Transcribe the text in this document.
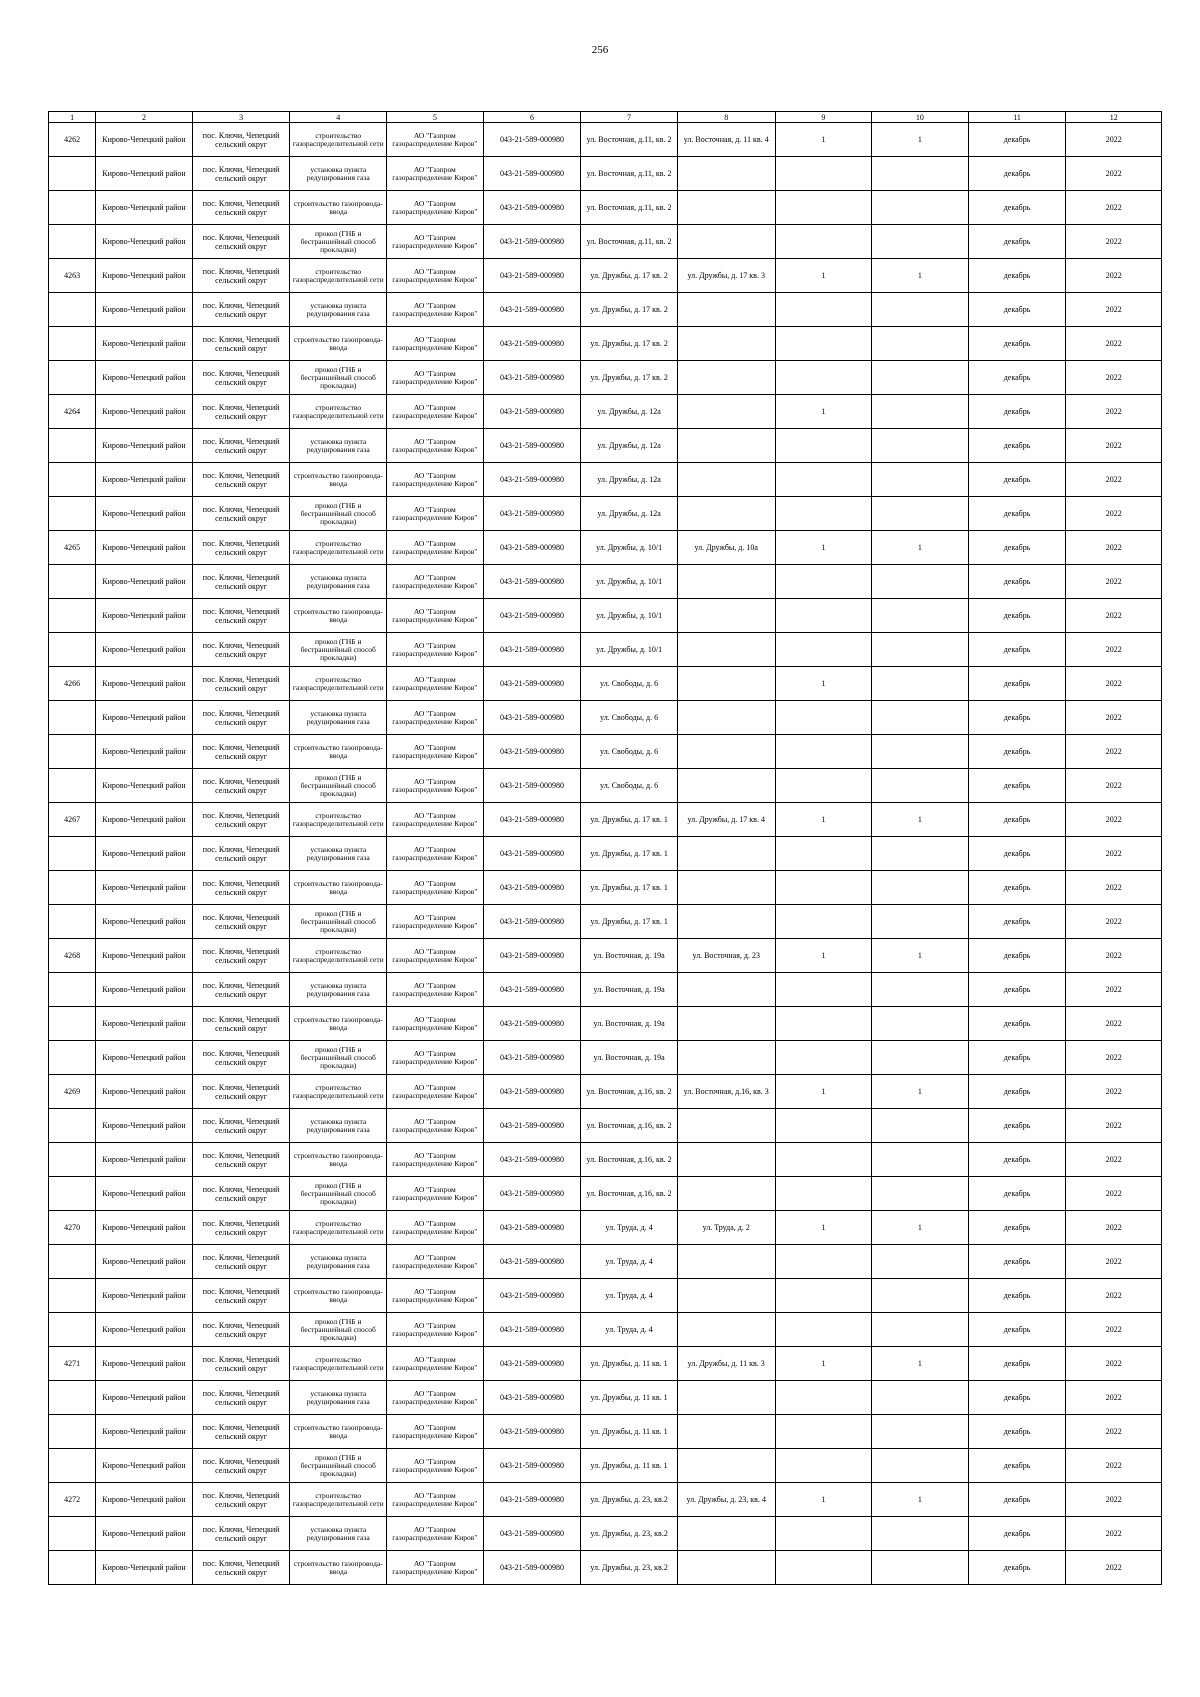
256
1	2	3	4	5	6	7	8	9	10	11	12
4262	Кирово-Чепецкий район	пос. Ключи, Чепецкий сельский округ	строительство газораспределительной сети	АО "Газпром газораспределение Киров"	043-21-589-000980	ул. Восточная, д.11, кв. 2	ул. Восточная, д. 11 кв. 4	1	1	декабрь	2022
	Кирово-Чепецкий район	пос. Ключи, Чепецкий сельский округ	установка пункта редуцирования газа	АО "Газпром газораспределение Киров"	043-21-589-000980	ул. Восточная, д.11, кв. 2				декабрь	2022
	Кирово-Чепецкий район	пос. Ключи, Чепецкий сельский округ	строительство газопровода-ввода	АО "Газпром газораспределение Киров"	043-21-589-000980	ул. Восточная, д.11, кв. 2				декабрь	2022
	Кирово-Чепецкий район	пос. Ключи, Чепецкий сельский округ	прокол (ГНБ и бестраншейный способ прокладки)	АО "Газпром газораспределение Киров"	043-21-589-000980	ул. Восточная, д.11, кв. 2				декабрь	2022
4263	Кирово-Чепецкий район	пос. Ключи, Чепецкий сельский округ	строительство газораспределительной сети	АО "Газпром газораспределение Киров"	043-21-589-000980	ул. Дружбы, д. 17 кв. 2	ул. Дружбы, д. 17 кв. 3	1	1	декабрь	2022
	Кирово-Чепецкий район	пос. Ключи, Чепецкий сельский округ	установка пункта редуцирования газа	АО "Газпром газораспределение Киров"	043-21-589-000980	ул. Дружбы, д. 17 кв. 2				декабрь	2022
	Кирово-Чепецкий район	пос. Ключи, Чепецкий сельский округ	строительство газопровода-ввода	АО "Газпром газораспределение Киров"	043-21-589-000980	ул. Дружбы, д. 17 кв. 2				декабрь	2022
	Кирово-Чепецкий район	пос. Ключи, Чепецкий сельский округ	прокол (ГНБ и бестраншейный способ прокладки)	АО "Газпром газораспределение Киров"	043-21-589-000980	ул. Дружбы, д. 17 кв. 2				декабрь	2022
4264	Кирово-Чепецкий район	пос. Ключи, Чепецкий сельский округ	строительство газораспределительной сети	АО "Газпром газораспределение Киров"	043-21-589-000980	ул. Дружбы, д. 12а		1		декабрь	2022
	Кирово-Чепецкий район	пос. Ключи, Чепецкий сельский округ	установка пункта редуцирования газа	АО "Газпром газораспределение Киров"	043-21-589-000980	ул. Дружбы, д. 12а				декабрь	2022
	Кирово-Чепецкий район	пос. Ключи, Чепецкий сельский округ	строительство газопровода-ввода	АО "Газпром газораспределение Киров"	043-21-589-000980	ул. Дружбы, д. 12а				декабрь	2022
	Кирово-Чепецкий район	пос. Ключи, Чепецкий сельский округ	прокол (ГНБ и бестраншейный способ прокладки)	АО "Газпром газораспределение Киров"	043-21-589-000980	ул. Дружбы, д. 12а				декабрь	2022
4265	Кирово-Чепецкий район	пос. Ключи, Чепецкий сельский округ	строительство газораспределительной сети	АО "Газпром газораспределение Киров"	043-21-589-000980	ул. Дружбы, д. 10/1	ул. Дружбы, д. 10а	1	1	декабрь	2022
	Кирово-Чепецкий район	пос. Ключи, Чепецкий сельский округ	установка пункта редуцирования газа	АО "Газпром газораспределение Киров"	043-21-589-000980	ул. Дружбы, д. 10/1				декабрь	2022
	Кирово-Чепецкий район	пос. Ключи, Чепецкий сельский округ	строительство газопровода-ввода	АО "Газпром газораспределение Киров"	043-21-589-000980	ул. Дружбы, д. 10/1				декабрь	2022
	Кирово-Чепецкий район	пос. Ключи, Чепецкий сельский округ	прокол (ГНБ и бестраншейный способ прокладки)	АО "Газпром газораспределение Киров"	043-21-589-000980	ул. Дружбы, д. 10/1				декабрь	2022
4266	Кирово-Чепецкий район	пос. Ключи, Чепецкий сельский округ	строительство газораспределительной сети	АО "Газпром газораспределение Киров"	043-21-589-000980	ул. Свободы, д. 6		1		декабрь	2022
	Кирово-Чепецкий район	пос. Ключи, Чепецкий сельский округ	установка пункта редуцирования газа	АО "Газпром газораспределение Киров"	043-21-589-000980	ул. Свободы, д. 6				декабрь	2022
	Кирово-Чепецкий район	пос. Ключи, Чепецкий сельский округ	строительство газопровода-ввода	АО "Газпром газораспределение Киров"	043-21-589-000980	ул. Свободы, д. 6				декабрь	2022
	Кирово-Чепецкий район	пос. Ключи, Чепецкий сельский округ	прокол (ГНБ и бестраншейный способ прокладки)	АО "Газпром газораспределение Киров"	043-21-589-000980	ул. Свободы, д. 6				декабрь	2022
4267	Кирово-Чепецкий район	пос. Ключи, Чепецкий сельский округ	строительство газораспределительной сети	АО "Газпром газораспределение Киров"	043-21-589-000980	ул. Дружбы, д. 17 кв. 1	ул. Дружбы, д. 17 кв. 4	1	1	декабрь	2022
	Кирово-Чепецкий район	пос. Ключи, Чепецкий сельский округ	установка пункта редуцирования газа	АО "Газпром газораспределение Киров"	043-21-589-000980	ул. Дружбы, д. 17 кв. 1				декабрь	2022
	Кирово-Чепецкий район	пос. Ключи, Чепецкий сельский округ	строительство газопровода-ввода	АО "Газпром газораспределение Киров"	043-21-589-000980	ул. Дружбы, д. 17 кв. 1				декабрь	2022
	Кирово-Чепецкий район	пос. Ключи, Чепецкий сельский округ	прокол (ГНБ и бестраншейный способ прокладки)	АО "Газпром газораспределение Киров"	043-21-589-000980	ул. Дружбы, д. 17 кв. 1				декабрь	2022
4268	Кирово-Чепецкий район	пос. Ключи, Чепецкий сельский округ	строительство газораспределительной сети	АО "Газпром газораспределение Киров"	043-21-589-000980	ул. Восточная, д. 19а	ул. Восточная, д. 23	1	1	декабрь	2022
	Кирово-Чепецкий район	пос. Ключи, Чепецкий сельский округ	установка пункта редуцирования газа	АО "Газпром газораспределение Киров"	043-21-589-000980	ул. Восточная, д. 19а				декабрь	2022
	Кирово-Чепецкий район	пос. Ключи, Чепецкий сельский округ	строительство газопровода-ввода	АО "Газпром газораспределение Киров"	043-21-589-000980	ул. Восточная, д. 19а				декабрь	2022
	Кирово-Чепецкий район	пос. Ключи, Чепецкий сельский округ	прокол (ГНБ и бестраншейный способ прокладки)	АО "Газпром газораспределение Киров"	043-21-589-000980	ул. Восточная, д. 19а				декабрь	2022
4269	Кирово-Чепецкий район	пос. Ключи, Чепецкий сельский округ	строительство газораспределительной сети	АО "Газпром газораспределение Киров"	043-21-589-000980	ул. Восточная, д.16, кв. 2	ул. Восточная, д.16, кв. 3	1	1	декабрь	2022
	Кирово-Чепецкий район	пос. Ключи, Чепецкий сельский округ	установка пункта редуцирования газа	АО "Газпром газораспределение Киров"	043-21-589-000980	ул. Восточная, д.16, кв. 2				декабрь	2022
	Кирово-Чепецкий район	пос. Ключи, Чепецкий сельский округ	строительство газопровода-ввода	АО "Газпром газораспределение Киров"	043-21-589-000980	ул. Восточная, д.16, кв. 2				декабрь	2022
	Кирово-Чепецкий район	пос. Ключи, Чепецкий сельский округ	прокол (ГНБ и бестраншейный способ прокладки)	АО "Газпром газораспределение Киров"	043-21-589-000980	ул. Восточная, д.16, кв. 2				декабрь	2022
4270	Кирово-Чепецкий район	пос. Ключи, Чепецкий сельский округ	строительство газораспределительной сети	АО "Газпром газораспределение Киров"	043-21-589-000980	ул. Труда, д. 4	ул. Труда, д. 2	1	1	декабрь	2022
	Кирово-Чепецкий район	пос. Ключи, Чепецкий сельский округ	установка пункта редуцирования газа	АО "Газпром газораспределение Киров"	043-21-589-000980	ул. Труда, д. 4				декабрь	2022
	Кирово-Чепецкий район	пос. Ключи, Чепецкий сельский округ	строительство газопровода-ввода	АО "Газпром газораспределение Киров"	043-21-589-000980	ул. Труда, д. 4				декабрь	2022
	Кирово-Чепецкий район	пос. Ключи, Чепецкий сельский округ	прокол (ГНБ и бестраншейный способ прокладки)	АО "Газпром газораспределение Киров"	043-21-589-000980	ул. Труда, д. 4				декабрь	2022
4271	Кирово-Чепецкий район	пос. Ключи, Чепецкий сельский округ	строительство газораспределительной сети	АО "Газпром газораспределение Киров"	043-21-589-000980	ул. Дружбы, д. 11 кв. 1	ул. Дружбы, д. 11 кв. 3	1	1	декабрь	2022
	Кирово-Чепецкий район	пос. Ключи, Чепецкий сельский округ	установка пункта редуцирования газа	АО "Газпром газораспределение Киров"	043-21-589-000980	ул. Дружбы, д. 11 кв. 1				декабрь	2022
	Кирово-Чепецкий район	пос. Ключи, Чепецкий сельский округ	строительство газопровода-ввода	АО "Газпром газораспределение Киров"	043-21-589-000980	ул. Дружбы, д. 11 кв. 1				декабрь	2022
	Кирово-Чепецкий район	пос. Ключи, Чепецкий сельский округ	прокол (ГНБ и бестраншейный способ прокладки)	АО "Газпром газораспределение Киров"	043-21-589-000980	ул. Дружбы, д. 11 кв. 1				декабрь	2022
4272	Кирово-Чепецкий район	пос. Ключи, Чепецкий сельский округ	строительство газораспределительной сети	АО "Газпром газораспределение Киров"	043-21-589-000980	ул. Дружбы, д. 23, кв.2	ул. Дружбы, д. 23, кв. 4	1	1	декабрь	2022
	Кирово-Чепецкий район	пос. Ключи, Чепецкий сельский округ	установка пункта редуцирования газа	АО "Газпром газораспределение Киров"	043-21-589-000980	ул. Дружбы, д. 23, кв.2				декабрь	2022
	Кирово-Чепецкий район	пос. Ключи, Чепецкий сельский округ	строительство газопровода-ввода	АО "Газпром газораспределение Киров"	043-21-589-000980	ул. Дружбы, д. 23, кв.2				декабрь	2022
